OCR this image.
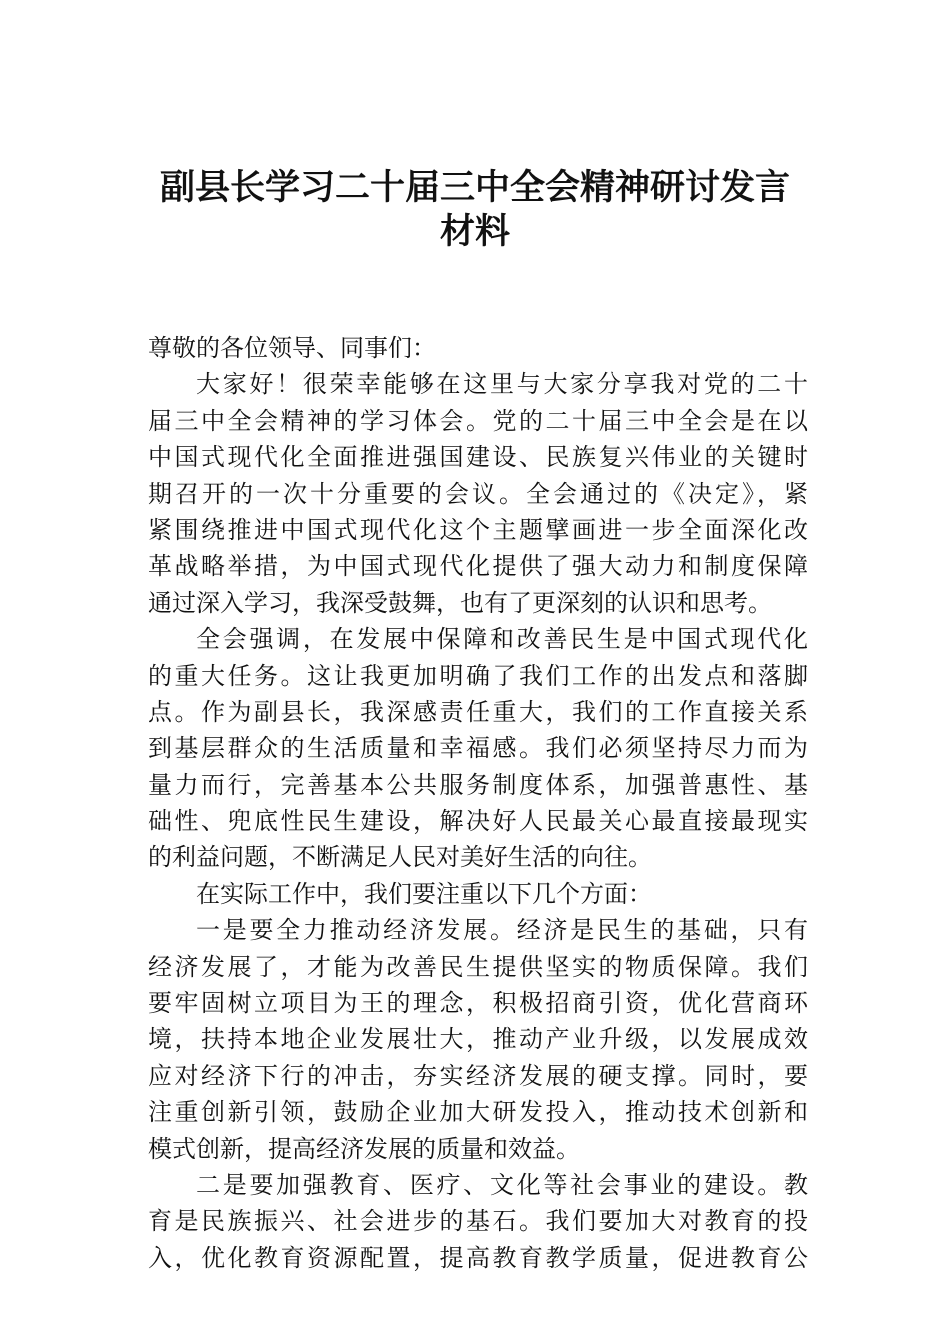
副县长学习二十届三中全会精神研讨发言
材料
尊敬的各位领导、同事们：
大家好！很荣幸能够在这里与大家分享我对党的二十
届三中全会精神的学习体会。党的二十届三中全会是在以
中国式现代化全面推进强国建设、民族复兴伟业的关键时
期召开的一次十分重要的会议。全会通过的《决定》，紧
紧围绕推进中国式现代化这个主题擘画进一步全面深化改
革战略举措，为中国式现代化提供了强大动力和制度保障
通过深入学习，我深受鼓舞，也有了更深刻的认识和思考。
全会强调，在发展中保障和改善民生是中国式现代化
的重大任务。这让我更加明确了我们工作的出发点和落脚
点。作为副县长，我深感责任重大，我们的工作直接关系
到基层群众的生活质量和幸福感。我们必须坚持尽力而为
量力而行，完善基本公共服务制度体系，加强普惠性、基
础性、兜底性民生建设，解决好人民最关心最直接最现实
的利益问题，不断满足人民对美好生活的向往。
在实际工作中，我们要注重以下几个方面：
一是要全力推动经济发展。经济是民生的基础，只有
经济发展了，才能为改善民生提供坚实的物质保障。我们
要牢固树立项目为王的理念，积极招商引资，优化营商环
境，扶持本地企业发展壮大，推动产业升级，以发展成效
应对经济下行的冲击，夯实经济发展的硬支撑。同时，要
注重创新引领，鼓励企业加大研发投入，推动技术创新和
模式创新，提高经济发展的质量和效益。
二是要加强教育、医疗、文化等社会事业的建设。教
育是民族振兴、社会进步的基石。我们要加大对教育的投
入，优化教育资源配置，提高教育教学质量，促进教育公
